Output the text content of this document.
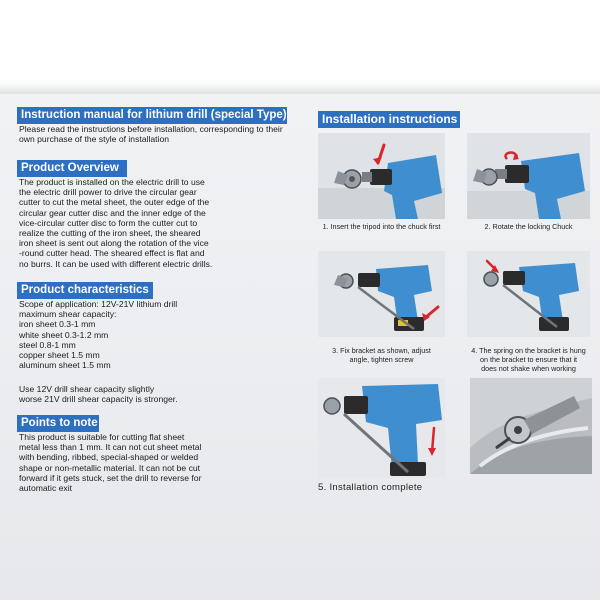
Instruction manual for lithium drill (special Type)
Please read the instructions before installation, corresponding to their
own purchase of the style of installation
Product Overview
The product is installed on the electric drill to use
the electric drill power to drive the circular gear
cutter to cut the metal sheet, the outer edge of the
circular gear cutter disc and the inner edge of the
vice-circular cutter disc to form the cutter cut to
realize the cutting of the iron sheet, the sheared
iron sheet is sent out along the rotation of the vice
-round cutter head. The sheared effect is flat and
no burrs. It can be used with different electric drills.
Product characteristics
Scope of application: 12V-21V lithium drill
maximum shear capacity:
iron sheet 0.3-1 mm
white sheet 0.3-1.2 mm
steel 0.8-1 mm
copper sheet 1.5 mm
aluminum sheet 1.5 mm
Use 12V drill shear capacity slightly
worse 21V drill shear capacity is stronger.
Points to note
This product is suitable for cutting flat sheet
metal less than 1 mm. It can not cut sheet metal
with bending, ribbed, special-shaped or welded
shape or non-metallic material. It can not be cut
forward if it gets stuck, set the drill to reverse for
automatic exit
Installation instructions
1. Insert the tripod into the chuck first	2. Rotate the locking Chuck
3. Fix bracket as shown, adjust
angle, tighten screw
4. The spring on the bracket is hung
on the bracket to ensure that it
does not shake when working
5. Installation complete
